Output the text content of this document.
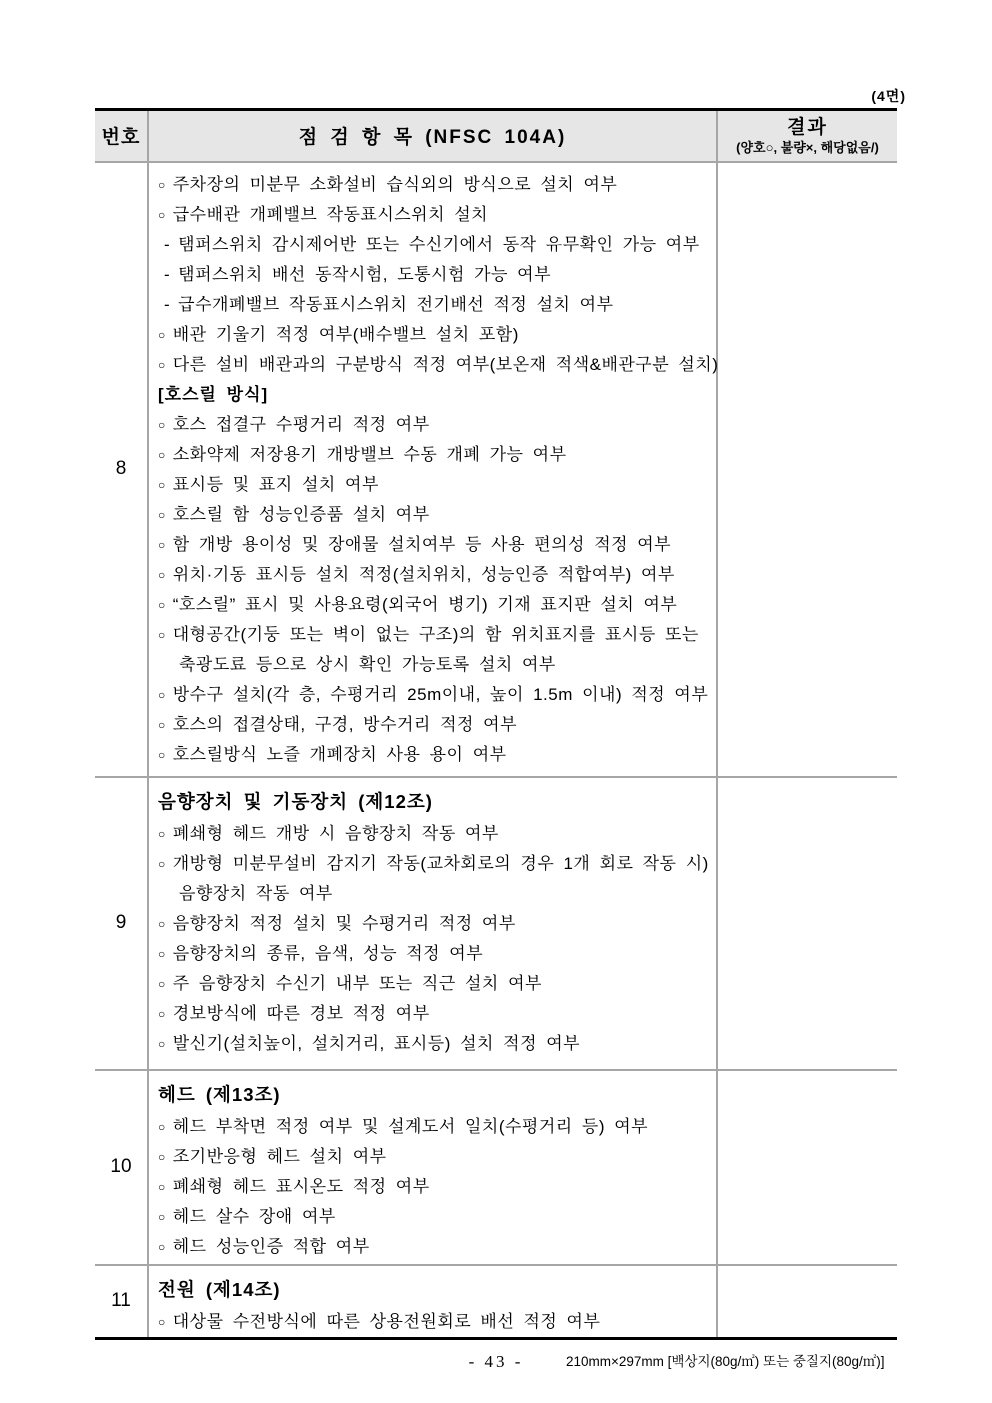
(4면)
번호	점 검 항 목 (NFSC 104A)	결과
(양호○, 불량×, 해당없음/)

8	
○ 주차장의 미분무 소화설비 습식외의 방식으로 설치 여부
○ 급수배관 개폐밸브 작동표시스위치 설치
- 탬퍼스위치 감시제어반 또는 수신기에서 동작 유무확인 가능 여부
- 탬퍼스위치 배선 동작시험, 도통시험 가능 여부
- 급수개폐밸브 작동표시스위치 전기배선 적정 설치 여부
○ 배관 기울기 적정 여부(배수밸브 설치 포함)
○ 다른 설비 배관과의 구분방식 적정 여부(보온재 적색&배관구분 설치)
[호스릴 방식]
○ 호스 접결구 수평거리 적정 여부
○ 소화약제 저장용기 개방밸브 수동 개폐 가능 여부
○ 표시등 및 표지 설치 여부
○ 호스릴 함 성능인증품 설치 여부
○ 함 개방 용이성 및 장애물 설치여부 등 사용 편의성 적정 여부
○ 위치·기동 표시등 설치 적정(설치위치, 성능인증 적합여부) 여부
○ “호스릴” 표시 및 사용요령(외국어 병기) 기재 표지판 설치 여부
○ 대형공간(기둥 또는 벽이 없는 구조)의 함 위치표지를 표시등 또는
축광도료 등으로 상시 확인 가능토록 설치 여부
○ 방수구 설치(각 층, 수평거리 25m이내, 높이 1.5m 이내) 적정 여부
○ 호스의 접결상태, 구경, 방수거리 적정 여부
○ 호스릴방식 노즐 개폐장치 사용 용이 여부

9	
음향장치 및 기동장치 (제12조)
○ 폐쇄형 헤드 개방 시 음향장치 작동 여부
○ 개방형 미분무설비 감지기 작동(교차회로의 경우 1개 회로 작동 시)
음향장치 작동 여부
○ 음향장치 적정 설치 및 수평거리 적정 여부
○ 음향장치의 종류, 음색, 성능 적정 여부
○ 주 음향장치 수신기 내부 또는 직근 설치 여부
○ 경보방식에 따른 경보 적정 여부
○ 발신기(설치높이, 설치거리, 표시등) 설치 적정 여부

10	
헤드 (제13조)
○ 헤드 부착면 적정 여부 및 설계도서 일치(수평거리 등) 여부
○ 조기반응형 헤드 설치 여부
○ 폐쇄형 헤드 표시온도 적정 여부
○ 헤드 살수 장애 여부
○ 헤드 성능인증 적합 여부

11	전원 (제14조)
○ 대상물 수전방식에 따른 상용전원회로 배선 적정 여부	

- 43 -	210mm×297mm [백상지(80g/㎡) 또는 중질지(80g/㎡)]
